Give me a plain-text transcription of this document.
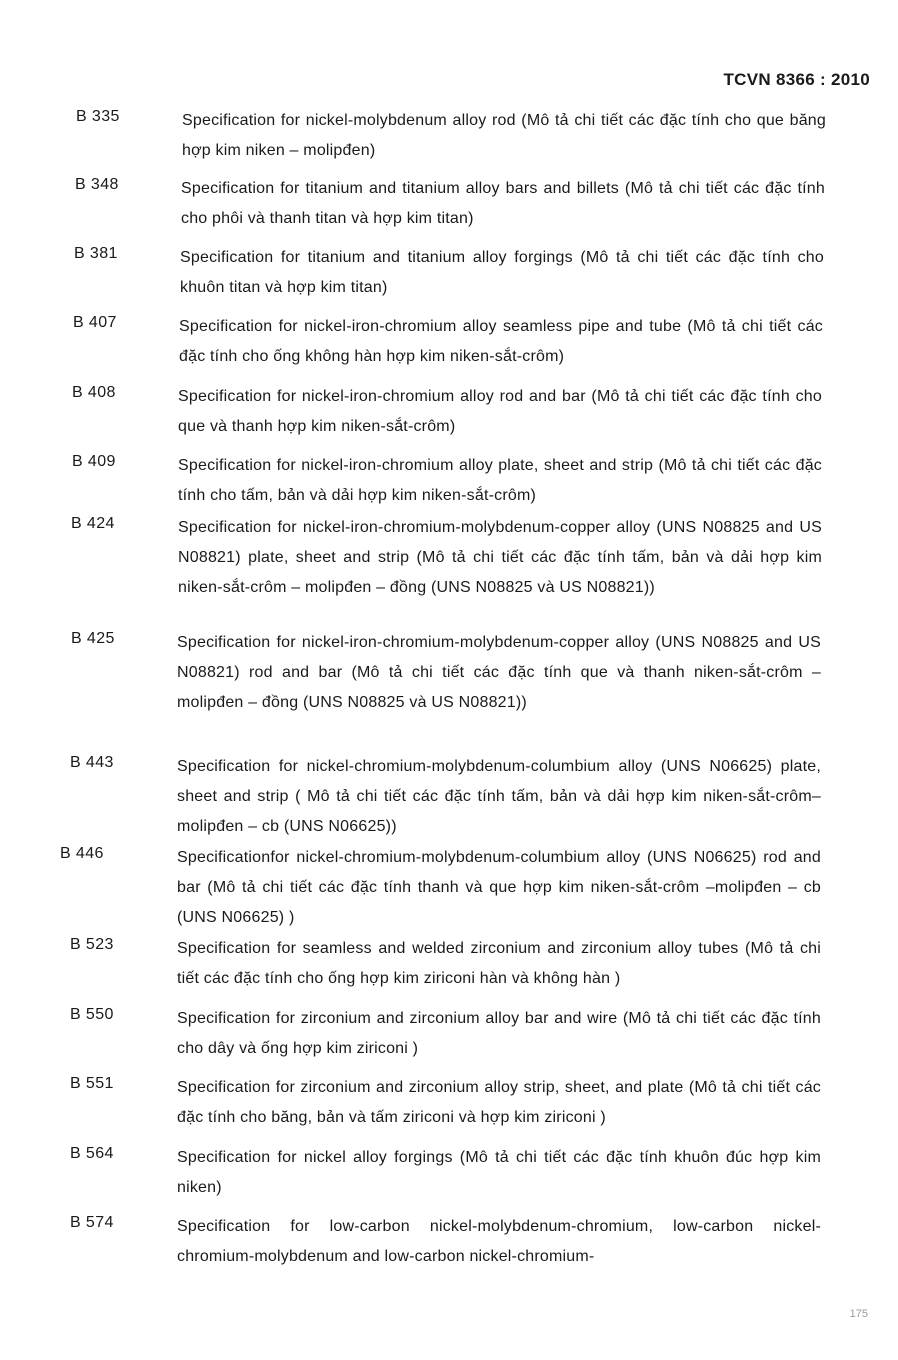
TCVN 8366 : 2010
B 335	Specification for nickel-molybdenum alloy rod (Mô tả chi tiết các đặc tính cho que băng hợp kim niken – molipđen)
B 348	Specification for titanium and titanium alloy bars and billets (Mô tả chi tiết các đặc tính cho phôi và thanh titan và hợp kim titan)
B 381	Specification for titanium and titanium alloy forgings (Mô tả chi tiết các đặc tính cho khuôn titan và hợp kim titan)
B 407	Specification for nickel-iron-chromium alloy seamless pipe and tube (Mô tả chi tiết các đặc tính cho ống không hàn hợp kim niken-sắt-crôm)
B 408	Specification for nickel-iron-chromium alloy rod and bar (Mô tả chi tiết các đặc tính cho que và thanh hợp kim niken-sắt-crôm)
B 409	Specification for nickel-iron-chromium alloy plate, sheet and strip (Mô tả chi tiết các đặc tính cho tấm, bản và dải hợp kim niken-sắt-crôm)
B 424	Specification for nickel-iron-chromium-molybdenum-copper alloy (UNS N08825 and US N08821) plate, sheet and strip (Mô tả chi tiết các đặc tính tấm, bản và dải hợp kim niken-sắt-crôm – molipđen – đồng (UNS N08825 và US N08821))
B 425	Specification for nickel-iron-chromium-molybdenum-copper alloy (UNS N08825 and US N08821) rod and bar (Mô tả chi tiết các đặc tính que và thanh niken-sắt-crôm – molipđen – đồng (UNS N08825 và US N08821))
B 443	Specification for nickel-chromium-molybdenum-columbium alloy (UNS N06625) plate, sheet and strip ( Mô tả chi tiết các đặc tính tấm, bản và dải hợp kim niken-sắt-crôm– molipđen – cb (UNS N06625))
B 446	Specificationfor nickel-chromium-molybdenum-columbium alloy (UNS N06625) rod and bar (Mô tả chi tiết các đặc tính thanh và que hợp kim niken-sắt-crôm –molipđen – cb (UNS N06625) )
B 523	Specification for seamless and welded zirconium and zirconium alloy tubes (Mô tả chi tiết các đặc tính cho ống hợp kim ziriconi hàn và không hàn )
B 550	Specification for zirconium and zirconium alloy bar and wire (Mô tả chi tiết các đặc tính cho dây và ống hợp kim ziriconi )
B 551	Specification for zirconium and zirconium alloy strip, sheet, and plate (Mô tả chi tiết các đặc tính cho băng, bản và tấm ziriconi và hợp kim ziriconi )
B 564	Specification for nickel alloy forgings (Mô tả chi tiết các đặc tính khuôn đúc hợp kim niken)
B 574	Specification for low-carbon nickel-molybdenum-chromium, low-carbon nickel-chromium-molybdenum and low-carbon nickel-chromium-
175
